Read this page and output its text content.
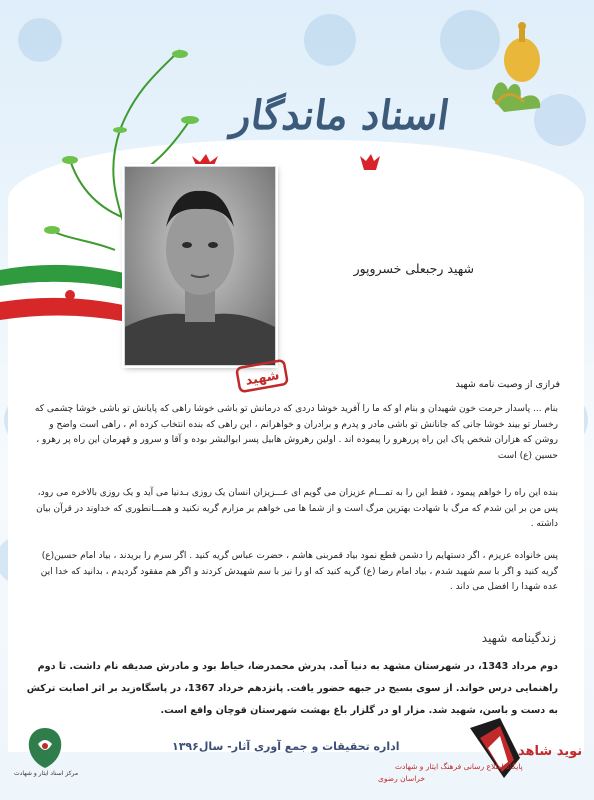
اسناد ماندگار
شهید رجبعلی خسروپور
شهید	فرازی از وصیت نامه شهید
بنام ... پاسدار حرمت خون شهیدان و بنام او که ما را آفرید خوشا دردی که درمانش تو باشی خوشا راهی که پایانش تو باشی خوشا چشمی که رخسار تو بیند خوشا جانی که جانانش تو باشی مادر و پدرم و برادران و خواهرانم ، این راهی که بنده انتخاب کرده ام ، راهی است واضح و روشن که هزاران شخص پاک این راه پررهرو را پیموده اند . اولین رهروش هابیل پسر ابوالبشر بوده و آقا و سرور و قهرمان این راه پر رهرو ، حسین (ع) است
بنده این راه را خواهم پیمود ، فقط این را به تمـــام عزیزان می گویم ای عـــزیزان انسان یک روزی بـدنیا می آید و یک روزی بالاخره می رود، پس من بر این شدم که مرگ با شهادت بهترین مرگ است و از شما ها می خواهم بر مزارم گریه نکنید و همـــانطوری که خداوند در قرآن بیان داشته .
پس خانواده عزیزم ، اگر دستهایم را دشمن قطع نمود بیاد قمربنی هاشم ، حضرت عباس گریه کنید . اگر سرم را بریدند ، بیاد امام حسین(ع) گریه کنید و اگر با سم شهید شدم ، بیاد امام رضا (ع) گریه کنید که او را نیز با سم شهیدش کردند و اگر هم مفقود گردیدم ، بدانید که خدا این عده شهدا را افضل می داند .
زندگینامه شهید
دوم مرداد 1343، در شهرستان مشهد به دنیا آمد. پدرش محمدرضا، خیاط بود و مادرش صدیقه نام داشت. تا دوم راهنمایی درس خواند. از سوی بسیج در جبهه حضور یافت. پانزدهم خرداد 1367، در پاسگاه‌زید بر اثر اصابت ترکش به دست و باسن، شهید شد. مزار او در گلزار باغ بهشت شهرستان قوچان واقع است.
مرکز اسناد ایثار و شهادت
اداره تحقیقات و جمع آوری آثار- سال۱۳۹۶	نوید شاهد
پایگاه اطلاع رسانی فرهنگ ایثار و شهادت
خراسان رضوی
